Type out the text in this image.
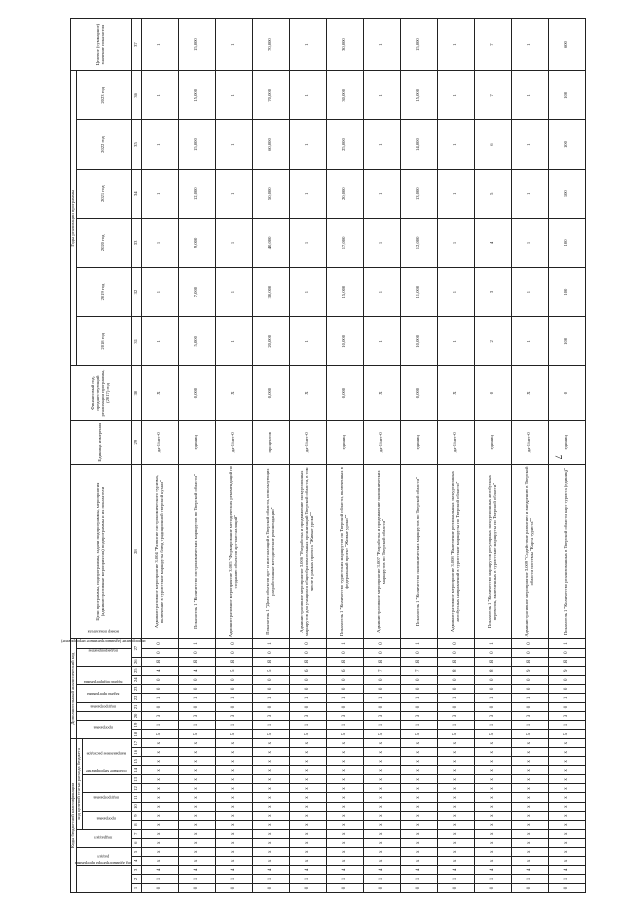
7
Коды бюджетной классификации																	Дополнительный аналитический код											Цели программы, подпрограммы, задачи подпрограммы, мероприятия (административные мероприятия) подпрограммы и их показатели	Единица измерения	Финансовый год, предшествующий реализации программы, (2017) год	Годы реализации программы						Целевое (суммарное) значение показателя
код администратора программы			раздел		подраздел		код целевой статьи расхода бюджета										программа		подпрограмма	задача программы	задача подпрограммы		мероприятие (административное мероприятие)		подмероприятие		номер показателя				2018 год	2019 год	2020 год	2021 год	2022 год	2023 год	
							программа		подпрограмма		основное мероприятие		направление расходов																								
1	2	3	4	5	6	7	8	9	10	11	12	13	14	15	16	17	18	19	20	21	22	23	24	25	26	27		28	29	30	31	32	33	34	35	36	37
0	1	4	х	х	х	х	х	х	х	х	х	х	х	х	х	х	5	1	3	0	1	0	0	4	Я	0	0	Административное мероприятие 3.004 "Развитие гастрономического туризма, включение в туристские маршруты блюд традиционной тверской кухни"	да-1/нет-0	Х	1	1	1	1	1	1	1
0	1	4	х	х	х	х	х	х	х	х	х	х	х	х	х	х	5	1	3	0	1	0	0	4	Я	0	1	Показатель 1 "Количество гастрономических маршрутов по Тверской области"	единиц	0,000	5,000	7,000	9,000	12,000	15,000	15,000	15,000
0	1	4	х	х	х	х	х	х	х	х	х	х	х	х	х	х	5	1	3	0	1	0	0	5	Я	0	0	Административное мероприятие 3.005 "Формирование методических рекомендаций по созданию объектов арт-инсталляций"	да-1/нет-0	Х	1	1	1	1	1	1	1
0	1	4	х	х	х	х	х	х	х	х	х	х	х	х	х	х	5	1	3	0	1	0	0	5	Я	0	1	Показатель 1 "Доля объектов арт- и инсталляций в Тверской области, использующих разработанные методические рекомендации"	процентов	0,000	20,000	30,000	40,000	50,000	60,000	70,000	70,000
0	1	4	х	х	х	х	х	х	х	х	х	х	х	х	х	х	5	1	3	0	1	0	0	6	Я	0	0	Административное мероприятие 3.006 "Разработка и продвижение экскурсионных маршрутов для учащихся общеобразовательных организаций Тверской области, в том числе в рамках проекта "Живые уроки""	да-1/нет-0	Х	1	1	1	1	1	1	1
0	1	4	х	х	х	х	х	х	х	х	х	х	х	х	х	х	5	1	3	0	1	0	0	6	Я	0	1	Показатель 1 "Количество туристских маршрутов по Тверской области, включенных в федеральный проект "Живые уроки""	единиц	0,000	10,000	15,000	17,000	20,000	25,000	30,000	30,000
0	1	4	х	х	х	х	х	х	х	х	х	х	х	х	х	х	5	1	3	0	1	0	0	7	Я	0	0	Административное мероприятие 3.007 "Разработка и продвижение паломнических маршрутов по Тверской области"	да-1/нет-0	Х	1	1	1	1	1	1	1
0	1	4	х	х	х	х	х	х	х	х	х	х	х	х	х	х	5	1	3	0	1	0	0	7	Я	0	1	Показатель 1 "Количество паломнических маршрутов по Тверской области"	единиц	0,000	10,000	11,000	12,000	13,000	14,000	15,000	15,000
0	1	4	х	х	х	х	х	х	х	х	х	х	х	х	х	х	5	1	3	0	1	0	0	8	Я	0	0	Административное мероприятие 3.008 "Включение региональных экскурсионных автобусных направлений в туристские маршруты по Тверской области"	да-1/нет-0	Х	1	1	1	1	1	1	1
0	1	4	х	х	х	х	х	х	х	х	х	х	х	х	х	х	5	1	3	0	1	0	0	8	Я	0	1	Показатель 1 "Количество маршрутов регулярных экскурсионных автобусных перевозок, включенных в туристские маршруты по Тверской области"	единиц	0	2	3	4	5	6	7	7
0	1	4	х	х	х	х	х	х	х	х	х	х	х	х	х	х	5	1	3	0	1	0	0	9	Я	0	0	Административное мероприятие 3.009 "Содействие развитию и внедрению в Тверской области системы "Карта туриста""	да-1/нет-0	Х	1	1	1	1	1	1	1
0	1	4	х	х	х	х	х	х	х	х	х	х	х	х	х	х	5	1	3	0	1	0	0	9	Я	0	1	Показатель 1 "Количество реализованных в Тверской области карт туриста (единиц)"	единиц	0	100	100	100	100	100	100	600
